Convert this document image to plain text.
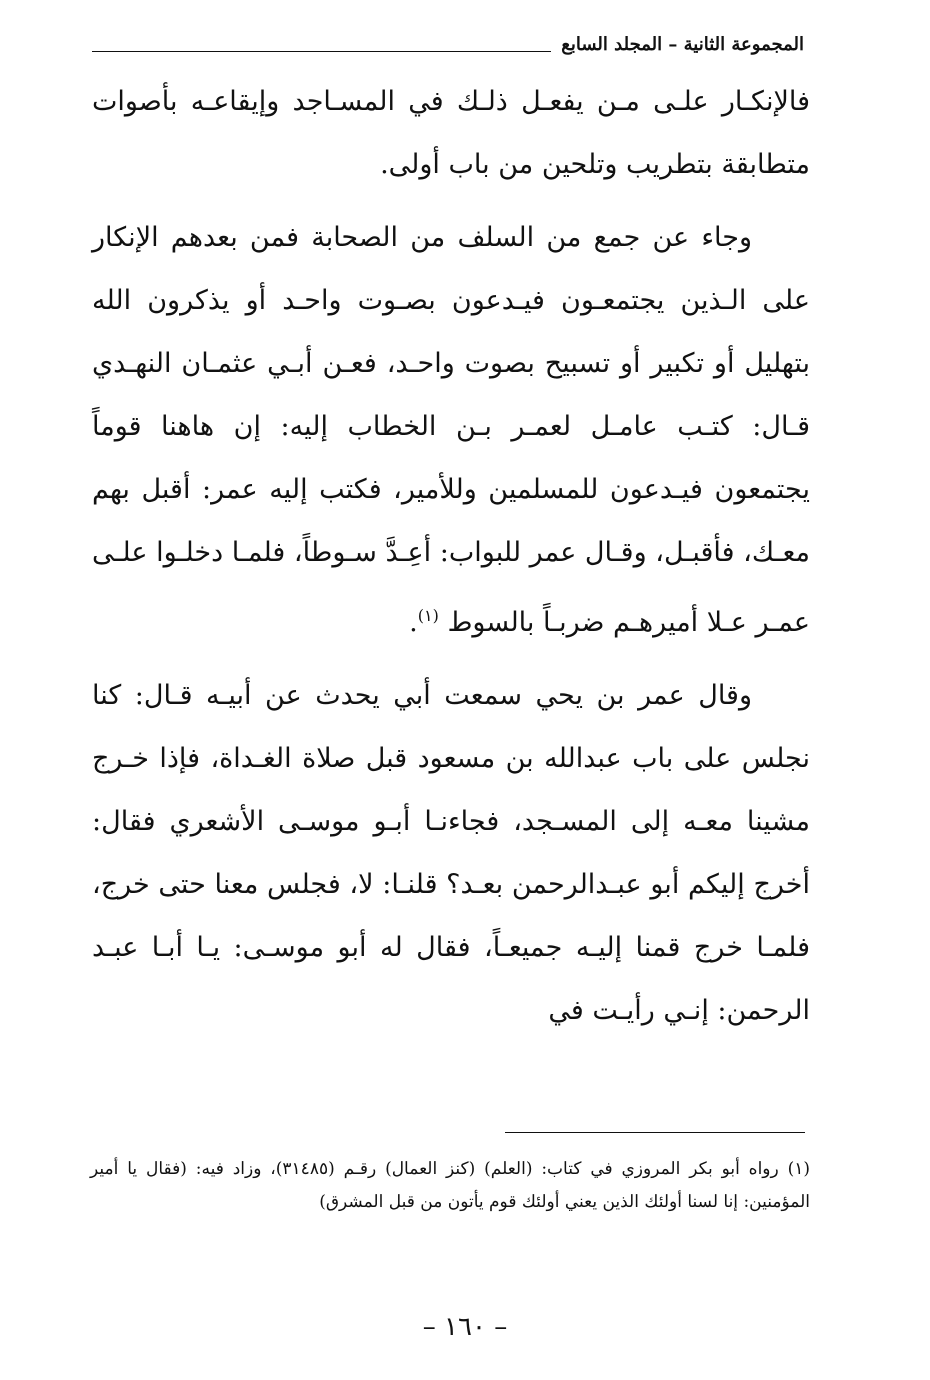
المجموعة الثانية – المجلد السابع

فالإنكـار علـى مـن يفعـل ذلـك في المسـاجد وإيقاعـه بأصوات متطابقة بتطريب وتلحين من باب أولى.

وجاء عن جمع من السلف من الصحابة فمن بعدهم الإنكار على الـذين يجتمعـون فيـدعون بصـوت واحـد أو يذكرون الله بتهليل أو تكبير أو تسبيح بصوت واحـد، فعـن أبـي عثمـان النهـدي قـال: كتـب عامـل لعمـر بـن الخطاب إليه: إن هاهنا قوماً يجتمعون فيـدعون للمسلمين وللأمير، فكتب إليه عمر: أقبل بهم معـك، فأقبـل، وقـال عمر للبواب: أعِـدَّ سـوطاً، فلمـا دخلـوا علـى عمـر عـلا أميرهـم ضربـاً بالسوط $^{(١)}$.

وقال عمر بن يحي سمعت أبي يحدث عن أبيـه قـال: كنا نجلس على باب عبدالله بن مسعود قبل صلاة الغـداة، فإذا خـرج مشينا معـه إلى المسـجد، فجاءنـا أبـو موسـى الأشعري فقال: أخرج إليكم أبو عبـدالرحمن بعـد؟ قلنـا: لا، فجلس معنا حتى خرج، فلمـا خرج قمنا إليـه جميعـاً، فقال له أبو موسـى: يـا أبـا عبـد الرحمن: إنـي رأيـت في

(١) رواه أبو بكر المروزي في كتاب: (العلم) (كنز العمال) رقـم (٣١٤٨٥)، وزاد فيه: (فقال يا أمير المؤمنين: إنا لسنا أولئك الذين يعني أولئك قوم يأتون من قبل المشرق)

– ١٦٠ –
